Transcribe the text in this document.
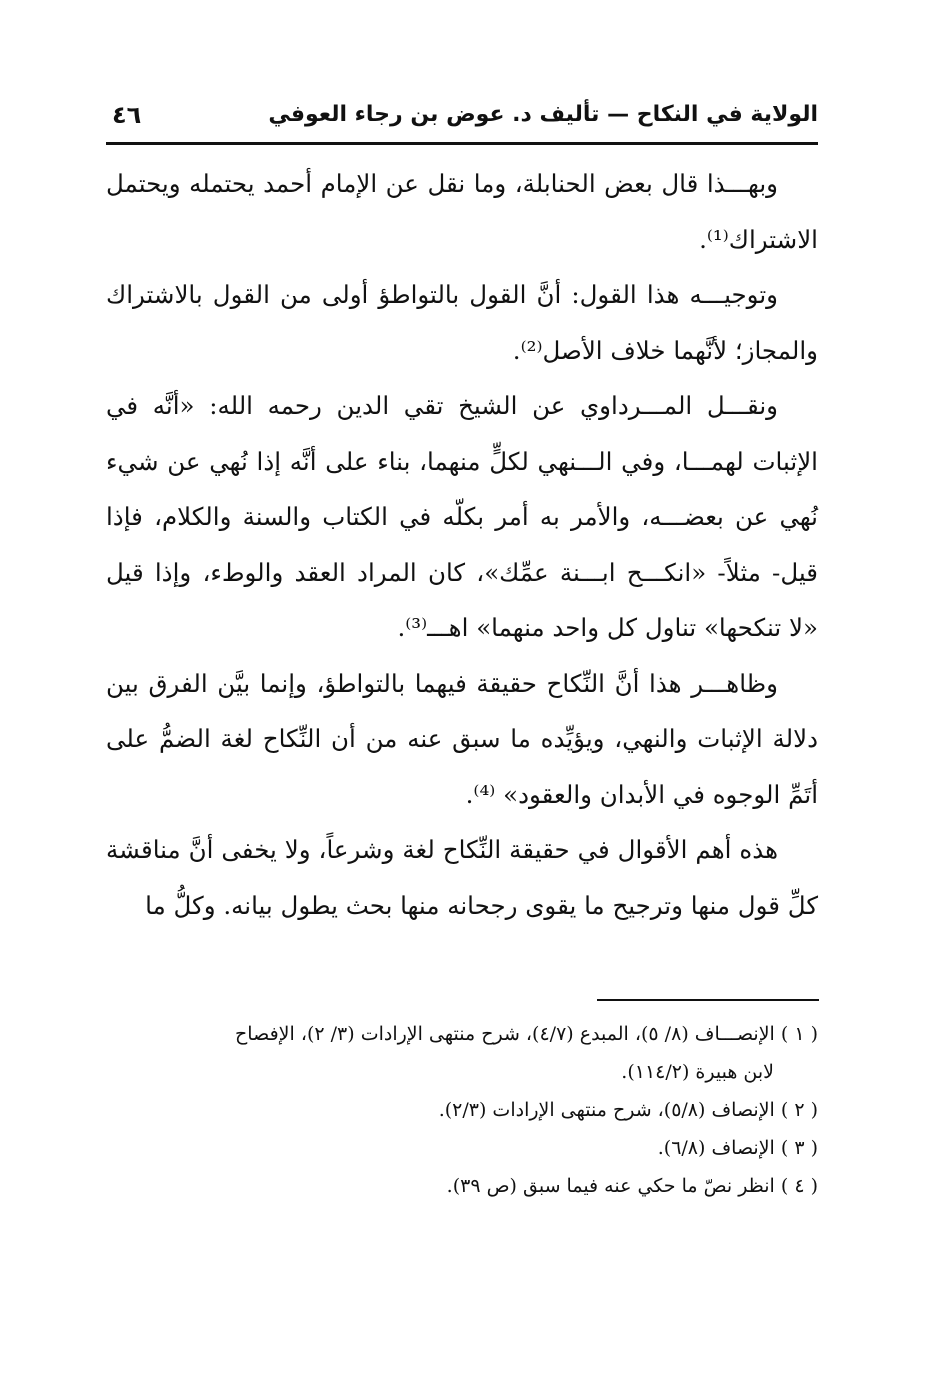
الولاية في النكاح — تأليف د. عوض بن رجاء العوفي
٤٦

وبهـــذا قال بعض الحنابلة، وما نقل عن الإمام أحمد يحتمله ويحتمل الاشتراك⁽¹⁾.

وتوجيـــه هذا القول: أنَّ القول بالتواطؤ أولى من القول بالاشتراك والمجاز؛ لأنَّهما خلاف الأصل⁽²⁾.

ونقـــل المـــرداوي عن الشيخ تقي الدين رحمه الله: «أنَّه في الإثبات لهمـــا، وفي الـــنهي لكلٍّ منهما، بناء على أنَّه إذا نُهي عن شيء نُهي عن بعضـــه، والأمر به أمر بكلّه في الكتاب والسنة والكلام، فإذا قيل- مثلاً- «انكـــح ابـــنة عمِّك»، كان المراد العقد والوطء، وإذا قيل «لا تنكحها» تناول كل واحد منهما» اهـــ⁽³⁾.

وظاهـــر هذا أنَّ النِّكاح حقيقة فيهما بالتواطؤ، وإنما بيَّن الفرق بين دلالة الإثبات والنهي، ويؤيِّده ما سبق عنه من أن النِّكاح لغة الضمُّ على أتَمِّ الوجوه في الأبدان والعقود» ⁽⁴⁾.

هذه أهم الأقوال في حقيقة النِّكاح لغة وشرعاً، ولا يخفى أنَّ مناقشة كلِّ قول منها وترجيح ما يقوى رجحانه منها بحث يطول بيانه. وكلُّ ما

( ١ ) الإنصـــاف (٨/ ٥)، المبدع (٤/٧)، شرح منتهى الإرادات (٣/ ٢)، الإفصاح
لابن هبيرة (١١٤/٢).
( ٢ ) الإنصاف (٥/٨)، شرح منتهى الإرادات (٢/٣).
( ٣ ) الإنصاف (٦/٨).
( ٤ ) انظر نصّ ما حكي عنه فيما سبق (ص ٣٩).
